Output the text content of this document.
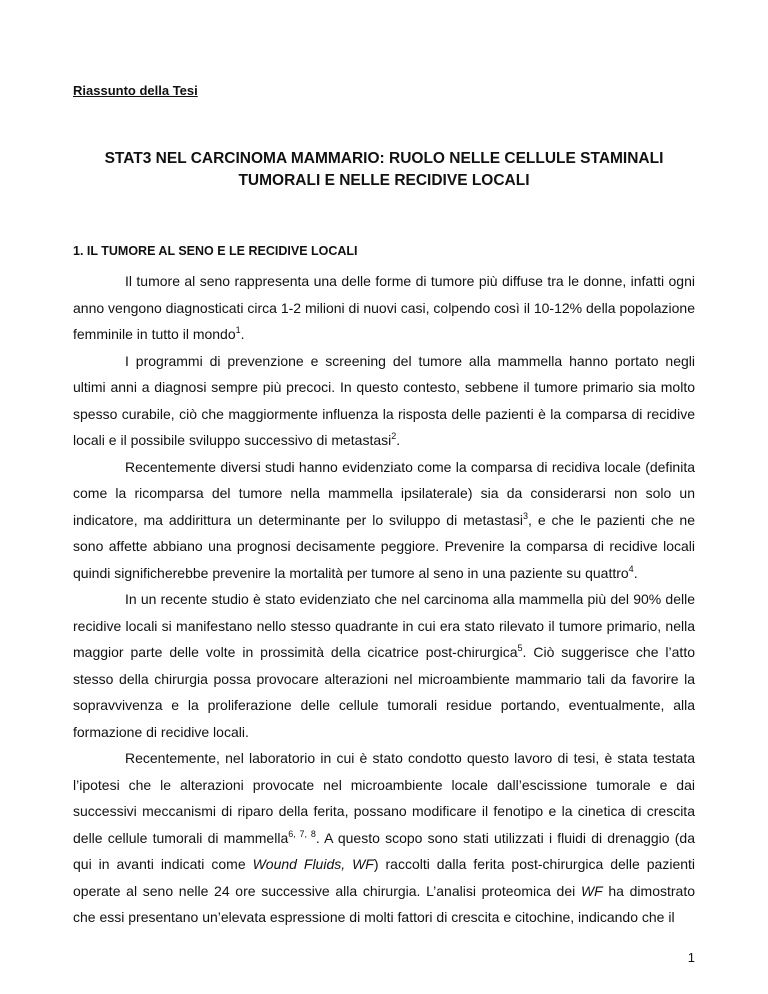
Riassunto della Tesi
STAT3 NEL CARCINOMA MAMMARIO: RUOLO NELLE CELLULE STAMINALI
TUMORALI E NELLE RECIDIVE LOCALI
1. IL TUMORE AL SENO E LE RECIDIVE LOCALI

Il tumore al seno rappresenta una delle forme di tumore più diffuse tra le donne, infatti ogni anno vengono diagnosticati circa 1-2 milioni di nuovi casi, colpendo così il 10-12% della popolazione femminile in tutto il mondo$^1$.

I programmi di prevenzione e screening del tumore alla mammella hanno portato negli ultimi anni a diagnosi sempre più precoci. In questo contesto, sebbene il tumore primario sia molto spesso curabile, ciò che maggiormente influenza la risposta delle pazienti è la comparsa di recidive locali e il possibile sviluppo successivo di metastasi$^2$.

Recentemente diversi studi hanno evidenziato come la comparsa di recidiva locale (definita come la ricomparsa del tumore nella mammella ipsilaterale) sia da considerarsi non solo un indicatore, ma addirittura un determinante per lo sviluppo di metastasi$^3$, e che le pazienti che ne sono affette abbiano una prognosi decisamente peggiore. Prevenire la comparsa di recidive locali quindi significherebbe prevenire la mortalità per tumore al seno in una paziente su quattro$^4$.

In un recente studio è stato evidenziato che nel carcinoma alla mammella più del 90% delle recidive locali si manifestano nello stesso quadrante in cui era stato rilevato il tumore primario, nella maggior parte delle volte in prossimità della cicatrice post-chirurgica$^5$. Ciò suggerisce che l’atto stesso della chirurgia possa provocare alterazioni nel microambiente mammario tali da favorire la sopravvivenza e la proliferazione delle cellule tumorali residue portando, eventualmente, alla formazione di recidive locali.

Recentemente, nel laboratorio in cui è stato condotto questo lavoro di tesi, è stata testata l’ipotesi che le alterazioni provocate nel microambiente locale dall’escissione tumorale e dai successivi meccanismi di riparo della ferita, possano modificare il fenotipo e la cinetica di crescita delle cellule tumorali di mammella$^{6, 7, 8}$. A questo scopo sono stati utilizzati i fluidi di drenaggio (da qui in avanti indicati come Wound Fluids, WF) raccolti dalla ferita post-chirurgica delle pazienti operate al seno nelle 24 ore successive alla chirurgia. L’analisi proteomica dei WF ha dimostrato che essi presentano un’elevata espressione di molti fattori di crescita e citochine, indicando che il

1
